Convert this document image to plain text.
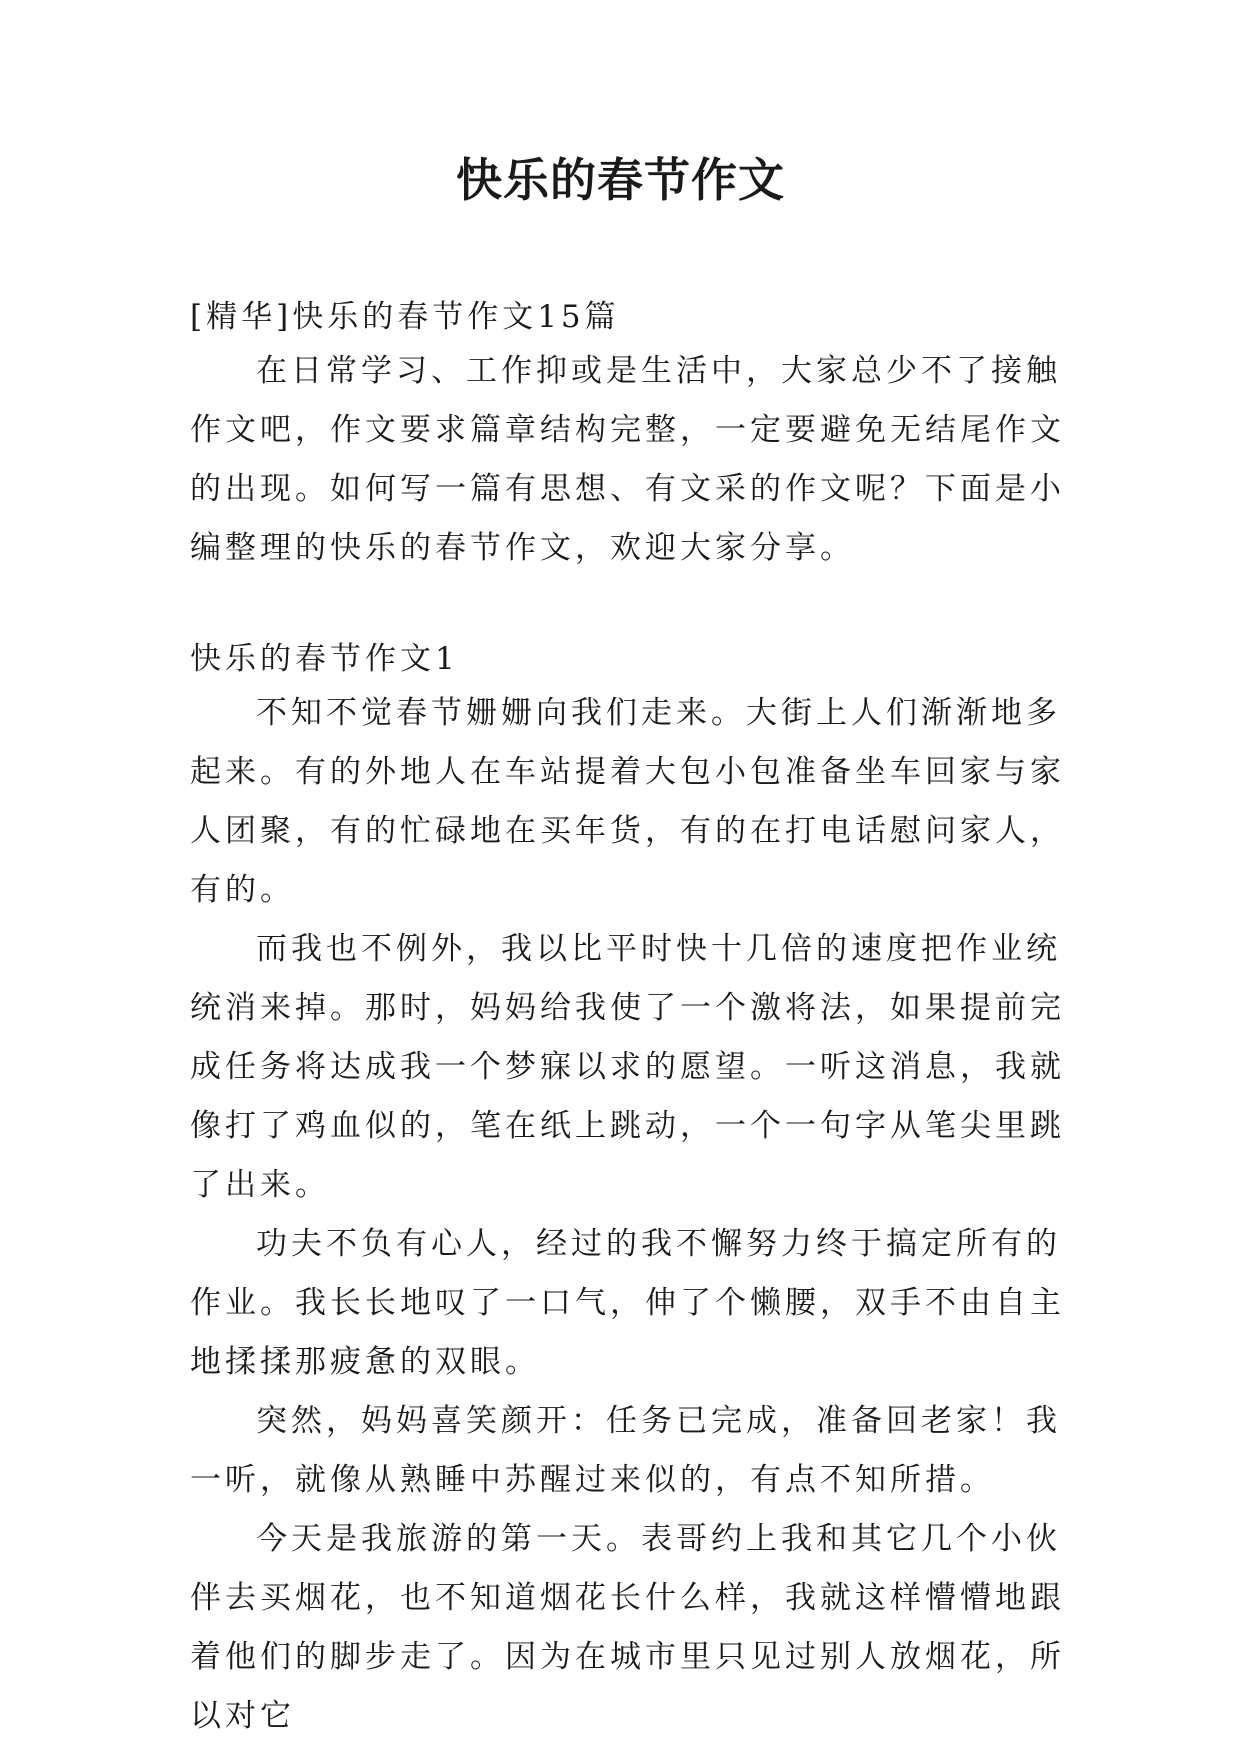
快乐的春节作文
[精华]快乐的春节作文15篇

在日常学习、工作抑或是生活中，大家总少不了接触作文吧，作文要求篇章结构完整，一定要避免无结尾作文的出现。如何写一篇有思想、有文采的作文呢？下面是小编整理的快乐的春节作文，欢迎大家分享。

快乐的春节作文1

不知不觉春节姗姗向我们走来。大街上人们渐渐地多起来。有的外地人在车站提着大包小包准备坐车回家与家人团聚，有的忙碌地在买年货，有的在打电话慰问家人，有的。

而我也不例外，我以比平时快十几倍的速度把作业统统消来掉。那时，妈妈给我使了一个激将法，如果提前完成任务将达成我一个梦寐以求的愿望。一听这消息，我就像打了鸡血似的，笔在纸上跳动，一个一句字从笔尖里跳了出来。

功夫不负有心人，经过的我不懈努力终于搞定所有的作业。我长长地叹了一口气，伸了个懒腰，双手不由自主地揉揉那疲惫的双眼。

突然，妈妈喜笑颜开：任务已完成，准备回老家！我一听，就像从熟睡中苏醒过来似的，有点不知所措。

今天是我旅游的第一天。表哥约上我和其它几个小伙伴去买烟花，也不知道烟花长什么样，我就这样懵懵地跟着他们的脚步走了。因为在城市里只见过别人放烟花，所以对它
